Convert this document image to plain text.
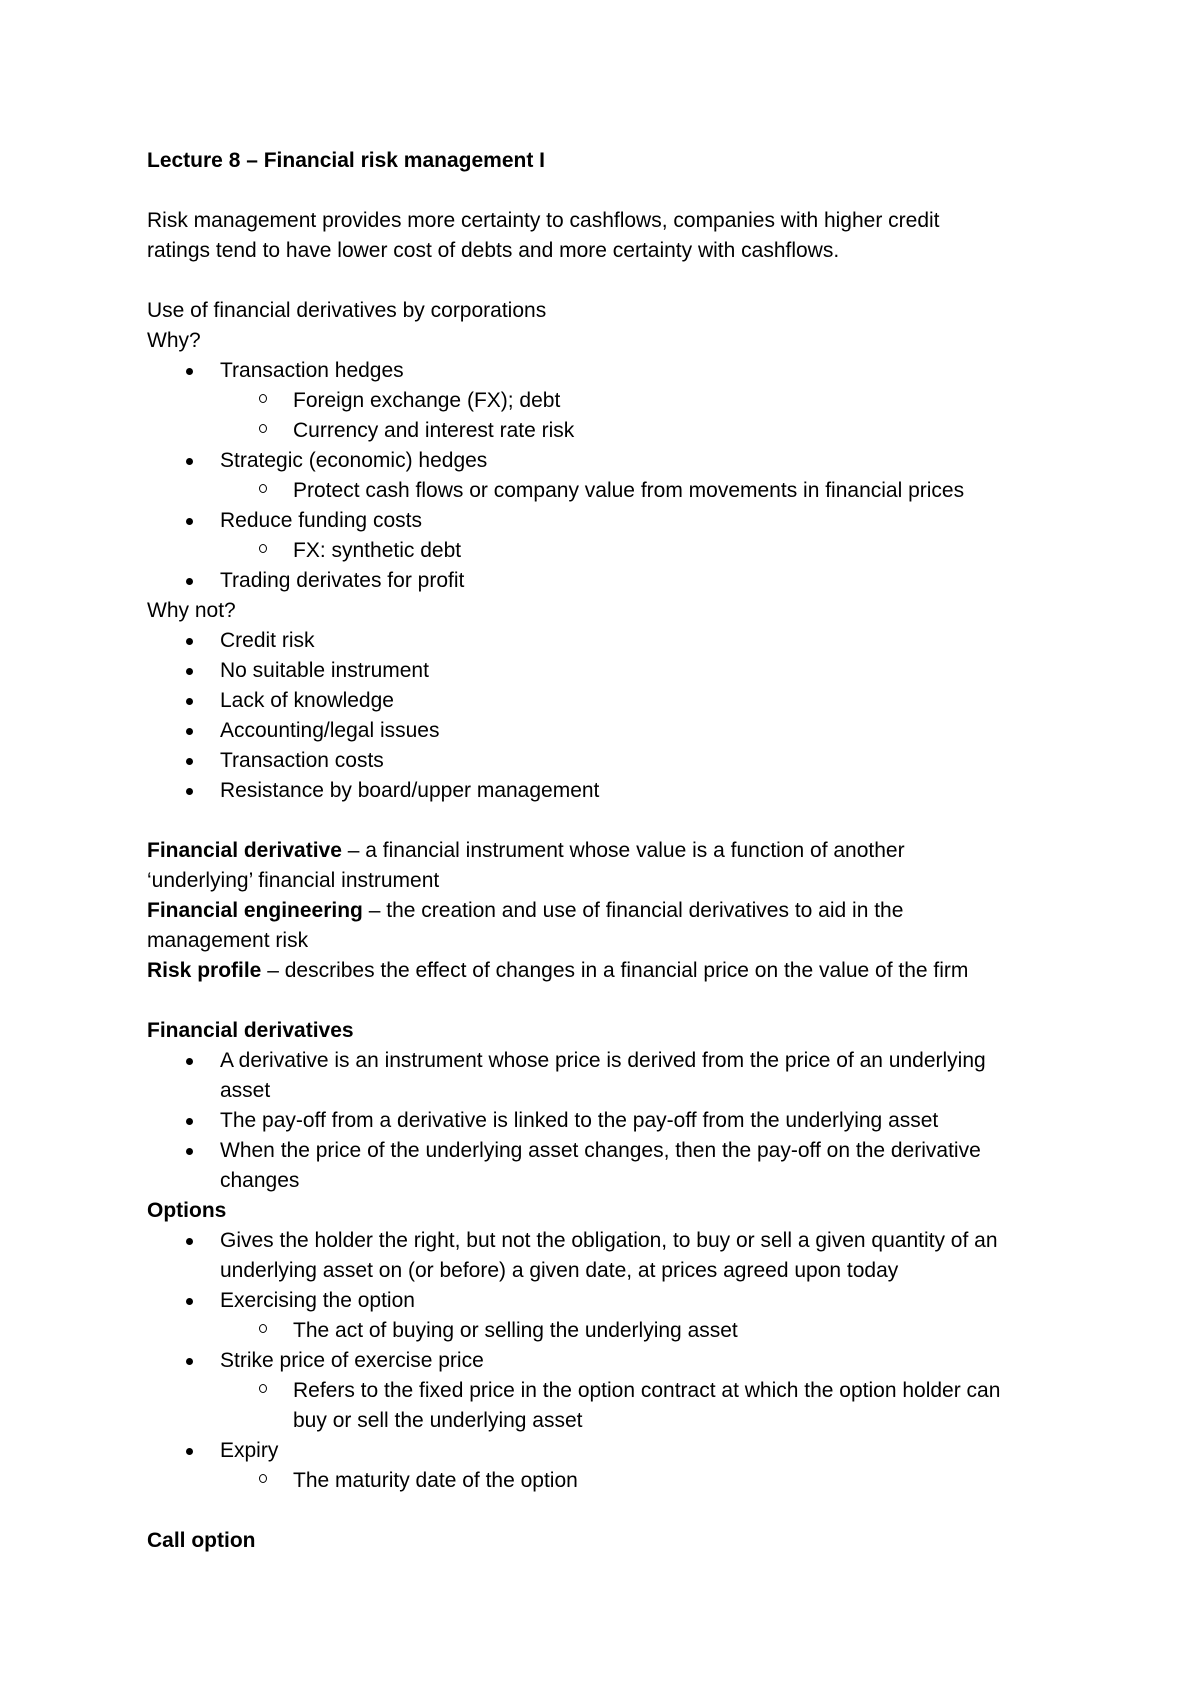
Lecture 8 – Financial risk management I

Risk management provides more certainty to cashflows, companies with higher credit

ratings tend to have lower cost of debts and more certainty with cashflows.

Use of financial derivatives by corporations

Why?

Transaction hedges
Foreign exchange (FX); debt
Currency and interest rate risk
Strategic (economic) hedges
Protect cash flows or company value from movements in financial prices
Reduce funding costs
FX: synthetic debt
Trading derivates for profit

Why not?

Credit risk
No suitable instrument
Lack of knowledge
Accounting/legal issues
Transaction costs
Resistance by board/upper management

Financial derivative – a financial instrument whose value is a function of another

‘underlying’ financial instrument

Financial engineering – the creation and use of financial derivatives to aid in the

management risk

Risk profile – describes the effect of changes in a financial price on the value of the firm

Financial derivatives

A derivative is an instrument whose price is derived from the price of an underlying
asset
The pay-off from a derivative is linked to the pay-off from the underlying asset
When the price of the underlying asset changes, then the pay-off on the derivative
changes

Options

Gives the holder the right, but not the obligation, to buy or sell a given quantity of an
underlying asset on (or before) a given date, at prices agreed upon today
Exercising the option
The act of buying or selling the underlying asset
Strike price of exercise price
Refers to the fixed price in the option contract at which the option holder can
buy or sell the underlying asset
Expiry
The maturity date of the option

Call option
